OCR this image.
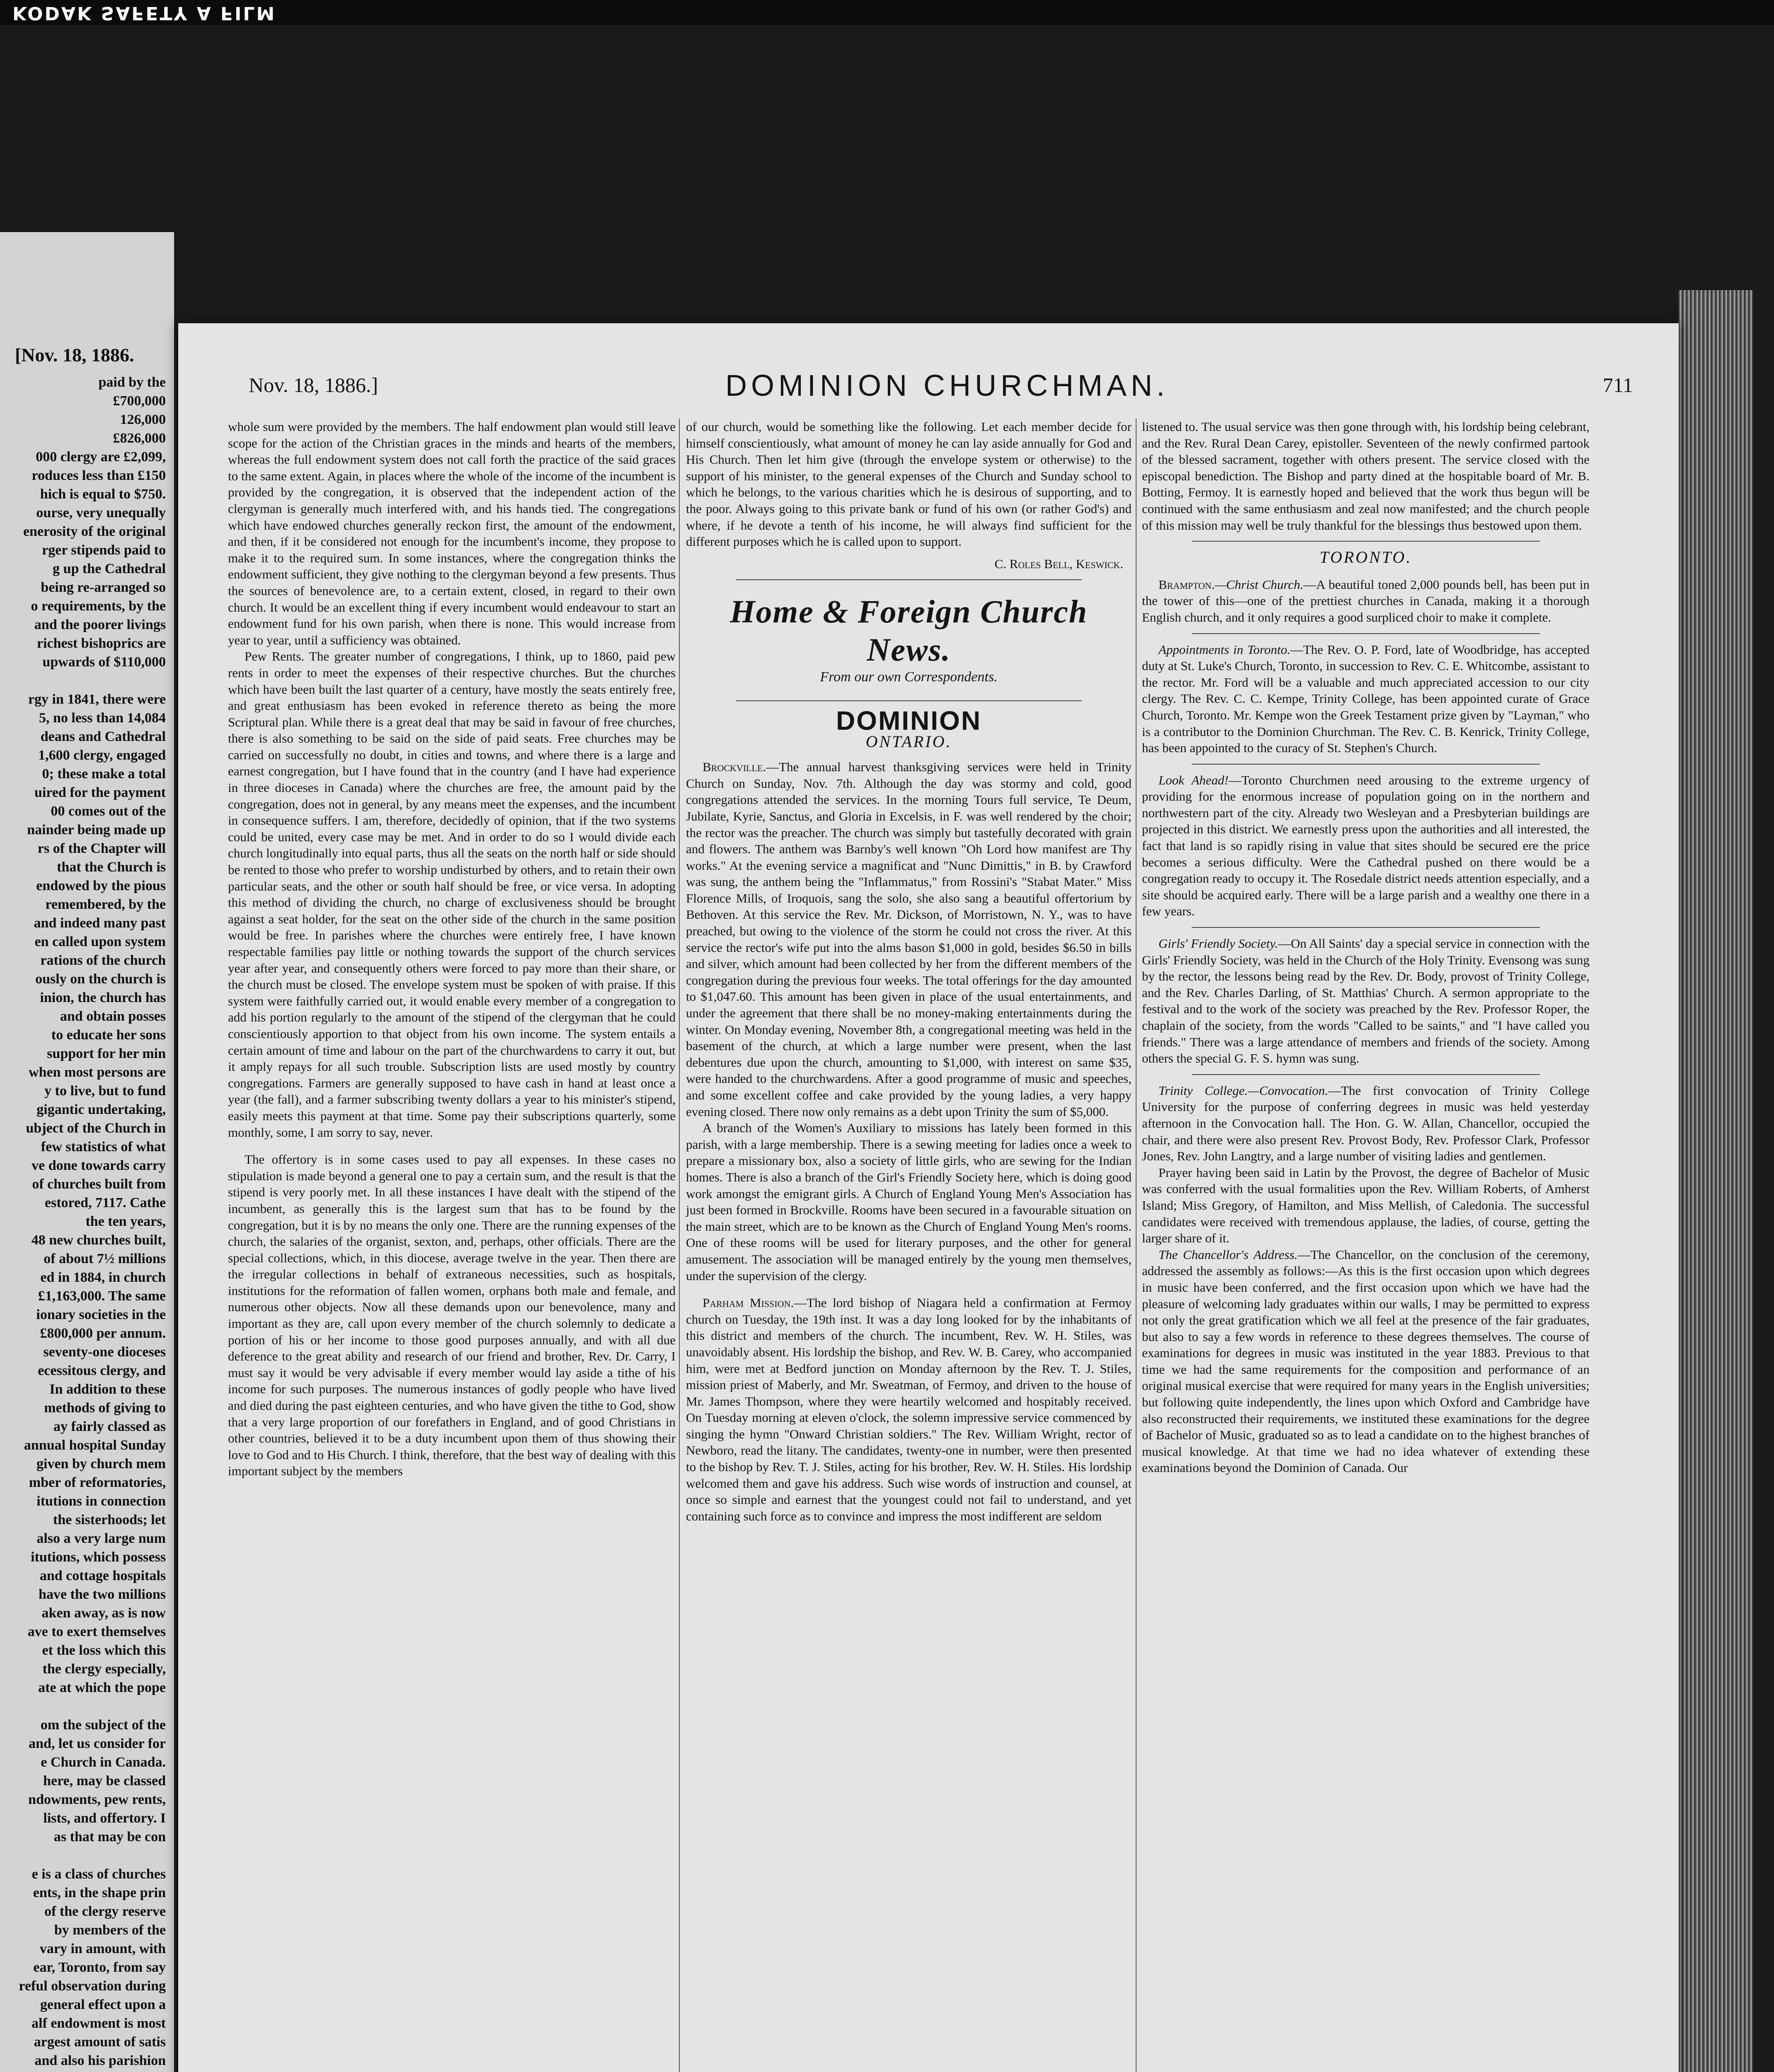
KODAK SAFETY A FILM
[Nov. 18, 1886.
paid by the
£700,000
126,000
£826,000
000 clergy are £2,099,
roduces less than £150
hich is equal to $750.
ourse, very unequally
enerosity of the original
rger stipends paid to
g up the Cathedral
being re-arranged so
o requirements, by the
and the poorer livings
richest bishoprics are
upwards of $110,000

rgy in 1841, there were
5, no less than 14,084
deans and Cathedral
1,600 clergy, engaged
0; these make a total
uired for the payment
00 comes out of the
nainder being made up
rs of the Chapter will
that the Church is
endowed by the pious
remembered, by the
and indeed many past
en called upon system
rations of the church
ously on the church is
inion, the church has
and obtain posses
to educate her sons
support for her min
when most persons are
y to live, but to fund
gigantic undertaking,
ubject of the Church in
few statistics of what
ve done towards carry
of churches built from
estored, 7117. Cathe
the ten years,
48 new churches built,
of about 7½ millions
ed in 1884, in church
£1,163,000. The same
ionary societies in the
£800,000 per annum.
seventy-one dioceses
ecessitous clergy, and
In addition to these
methods of giving to
ay fairly classed as
annual hospital Sunday
given by church mem
mber of reformatories,
itutions in connection
the sisterhoods; let
also a very large num
itutions, which possess
and cottage hospitals
have the two millions
aken away, as is now
ave to exert themselves
et the loss which this
the clergy especially,
ate at which the pope

om the subject of the
and, let us consider for
e Church in Canada.
here, may be classed
ndowments, pew rents,
lists, and offertory. I
as that may be con

e is a class of churches
ents, in the shape prin
of the clergy reserve
by members of the
vary in amount, with
ear, Toronto, from say
reful observation during
general effect upon a
alf endowment is most
argest amount of satis
and also his parishion
Nov. 18, 1886.]	DOMINION CHURCHMAN.	711

whole sum were provided by the members. The half endowment plan would still leave scope for the action of the Christian graces in the minds and hearts of the members, whereas the full endowment system does not call forth the practice of the said graces to the same extent. Again, in places where the whole of the income of the incumbent is provided by the congregation, it is observed that the independent action of the clergyman is generally much interfered with, and his hands tied. The congregations which have endowed churches generally reckon first, the amount of the endowment, and then, if it be considered not enough for the incumbent's income, they propose to make it to the required sum. In some instances, where the congregation thinks the endowment sufficient, they give nothing to the clergyman beyond a few presents. Thus the sources of benevolence are, to a certain extent, closed, in regard to their own church. It would be an excellent thing if every incumbent would endeavour to start an endowment fund for his own parish, when there is none. This would increase from year to year, until a sufficiency was obtained.

Pew Rents. The greater number of congregations, I think, up to 1860, paid pew rents in order to meet the expenses of their respective churches. But the churches which have been built the last quarter of a century, have mostly the seats entirely free, and great enthusiasm has been evoked in reference thereto as being the more Scriptural plan. While there is a great deal that may be said in favour of free churches, there is also something to be said on the side of paid seats. Free churches may be carried on successfully no doubt, in cities and towns, and where there is a large and earnest congregation, but I have found that in the country (and I have had experience in three dioceses in Canada) where the churches are free, the amount paid by the congregation, does not in general, by any means meet the expenses, and the incumbent in consequence suffers. I am, therefore, decidedly of opinion, that if the two systems could be united, every case may be met. And in order to do so I would divide each church longitudinally into equal parts, thus all the seats on the north half or side should be rented to those who prefer to worship undisturbed by others, and to retain their own particular seats, and the other or south half should be free, or vice versa. In adopting this method of dividing the church, no charge of exclusiveness should be brought against a seat holder, for the seat on the other side of the church in the same position would be free. In parishes where the churches were entirely free, I have known respectable families pay little or nothing towards the support of the church services year after year, and consequently others were forced to pay more than their share, or the church must be closed. The envelope system must be spoken of with praise. If this system were faithfully carried out, it would enable every member of a congregation to add his portion regularly to the amount of the stipend of the clergyman that he could conscientiously apportion to that object from his own income. The system entails a certain amount of time and labour on the part of the churchwardens to carry it out, but it amply repays for all such trouble. Subscription lists are used mostly by country congregations. Farmers are generally supposed to have cash in hand at least once a year (the fall), and a farmer subscribing twenty dollars a year to his minister's stipend, easily meets this payment at that time. Some pay their subscriptions quarterly, some monthly, some, I am sorry to say, never.

The offertory is in some cases used to pay all expenses. In these cases no stipulation is made beyond a general one to pay a certain sum, and the result is that the stipend is very poorly met. In all these instances I have dealt with the stipend of the incumbent, as generally this is the largest sum that has to be found by the congregation, but it is by no means the only one. There are the running expenses of the church, the salaries of the organist, sexton, and, perhaps, other officials. There are the special collections, which, in this diocese, average twelve in the year. Then there are the irregular collections in behalf of extraneous necessities, such as hospitals, institutions for the reformation of fallen women, orphans both male and female, and numerous other objects. Now all these demands upon our benevolence, many and important as they are, call upon every member of the church solemnly to dedicate a portion of his or her income to those good purposes annually, and with all due deference to the great ability and research of our friend and brother, Rev. Dr. Carry, I must say it would be very advisable if every member would lay aside a tithe of his income for such purposes. The numerous instances of godly people who have lived and died during the past eighteen centuries, and who have given the tithe to God, show that a very large proportion of our forefathers in England, and of good Christians in other countries, believed it to be a duty incumbent upon them of thus showing their love to God and to His Church. I think, therefore, that the best way of dealing with this important subject by the members

of our church, would be something like the following. Let each member decide for himself conscientiously, what amount of money he can lay aside annually for God and His Church. Then let him give (through the envelope system or otherwise) to the support of his minister, to the general expenses of the Church and Sunday school to which he belongs, to the various charities which he is desirous of supporting, and to the poor. Always going to this private bank or fund of his own (or rather God's) and where, if he devote a tenth of his income, he will always find sufficient for the different purposes which he is called upon to support.

C. Roles Bell, Keswick.
Home & Foreign Church News.
From our own Correspondents.
DOMINION
ONTARIO.

Brockville.—The annual harvest thanksgiving services were held in Trinity Church on Sunday, Nov. 7th. Although the day was stormy and cold, good congregations attended the services. In the morning Tours full service, Te Deum, Jubilate, Kyrie, Sanctus, and Gloria in Excelsis, in F. was well rendered by the choir; the rector was the preacher. The church was simply but tastefully decorated with grain and flowers. The anthem was Barnby's well known "Oh Lord how manifest are Thy works." At the evening service a magnificat and "Nunc Dimittis," in B. by Crawford was sung, the anthem being the "Inflammatus," from Rossini's "Stabat Mater." Miss Florence Mills, of Iroquois, sang the solo, she also sang a beautiful offertorium by Bethoven. At this service the Rev. Mr. Dickson, of Morristown, N. Y., was to have preached, but owing to the violence of the storm he could not cross the river. At this service the rector's wife put into the alms bason $1,000 in gold, besides $6.50 in bills and silver, which amount had been collected by her from the different members of the congregation during the previous four weeks. The total offerings for the day amounted to $1,047.60. This amount has been given in place of the usual entertainments, and under the agreement that there shall be no money-making entertainments during the winter. On Monday evening, November 8th, a congregational meeting was held in the basement of the church, at which a large number were present, when the last debentures due upon the church, amounting to $1,000, with interest on same $35, were handed to the churchwardens. After a good programme of music and speeches, and some excellent coffee and cake provided by the young ladies, a very happy evening closed. There now only remains as a debt upon Trinity the sum of $5,000.

A branch of the Women's Auxiliary to missions has lately been formed in this parish, with a large membership. There is a sewing meeting for ladies once a week to prepare a missionary box, also a society of little girls, who are sewing for the Indian homes. There is also a branch of the Girl's Friendly Society here, which is doing good work amongst the emigrant girls. A Church of England Young Men's Association has just been formed in Brockville. Rooms have been secured in a favourable situation on the main street, which are to be known as the Church of England Young Men's rooms. One of these rooms will be used for literary purposes, and the other for general amusement. The association will be managed entirely by the young men themselves, under the supervision of the clergy.

Parham Mission.—The lord bishop of Niagara held a confirmation at Fermoy church on Tuesday, the 19th inst. It was a day long looked for by the inhabitants of this district and members of the church. The incumbent, Rev. W. H. Stiles, was unavoidably absent. His lordship the bishop, and Rev. W. B. Carey, who accompanied him, were met at Bedford junction on Monday afternoon by the Rev. T. J. Stiles, mission priest of Maberly, and Mr. Sweatman, of Fermoy, and driven to the house of Mr. James Thompson, where they were heartily welcomed and hospitably received. On Tuesday morning at eleven o'clock, the solemn impressive service commenced by singing the hymn "Onward Christian soldiers." The Rev. William Wright, rector of Newboro, read the litany. The candidates, twenty-one in number, were then presented to the bishop by Rev. T. J. Stiles, acting for his brother, Rev. W. H. Stiles. His lordship welcomed them and gave his address. Such wise words of instruction and counsel, at once so simple and earnest that the youngest could not fail to understand, and yet containing such force as to convince and impress the most indifferent are seldom

listened to. The usual service was then gone through with, his lordship being celebrant, and the Rev. Rural Dean Carey, epistoller. Seventeen of the newly confirmed partook of the blessed sacrament, together with others present. The service closed with the episcopal benediction. The Bishop and party dined at the hospitable board of Mr. B. Botting, Fermoy. It is earnestly hoped and believed that the work thus begun will be continued with the same enthusiasm and zeal now manifested; and the church people of this mission may well be truly thankful for the blessings thus bestowed upon them.

TORONTO.

Brampton.—Christ Church.—A beautiful toned 2,000 pounds bell, has been put in the tower of this—one of the prettiest churches in Canada, making it a thorough English church, and it only requires a good surpliced choir to make it complete.

Appointments in Toronto.—The Rev. O. P. Ford, late of Woodbridge, has accepted duty at St. Luke's Church, Toronto, in succession to Rev. C. E. Whitcombe, assistant to the rector. Mr. Ford will be a valuable and much appreciated accession to our city clergy. The Rev. C. C. Kempe, Trinity College, has been appointed curate of Grace Church, Toronto. Mr. Kempe won the Greek Testament prize given by "Layman," who is a contributor to the Dominion Churchman. The Rev. C. B. Kenrick, Trinity College, has been appointed to the curacy of St. Stephen's Church.

Look Ahead!—Toronto Churchmen need arousing to the extreme urgency of providing for the enormous increase of population going on in the northern and northwestern part of the city. Already two Wesleyan and a Presbyterian buildings are projected in this district. We earnestly press upon the authorities and all interested, the fact that land is so rapidly rising in value that sites should be secured ere the price becomes a serious difficulty. Were the Cathedral pushed on there would be a congregation ready to occupy it. The Rosedale district needs attention especially, and a site should be acquired early. There will be a large parish and a wealthy one there in a few years.

Girls' Friendly Society.—On All Saints' day a special service in connection with the Girls' Friendly Society, was held in the Church of the Holy Trinity. Evensong was sung by the rector, the lessons being read by the Rev. Dr. Body, provost of Trinity College, and the Rev. Charles Darling, of St. Matthias' Church. A sermon appropriate to the festival and to the work of the society was preached by the Rev. Professor Roper, the chaplain of the society, from the words "Called to be saints," and "I have called you friends." There was a large attendance of members and friends of the society. Among others the special G. F. S. hymn was sung.

Trinity College.—Convocation.—The first convocation of Trinity College University for the purpose of conferring degrees in music was held yesterday afternoon in the Convocation hall. The Hon. G. W. Allan, Chancellor, occupied the chair, and there were also present Rev. Provost Body, Rev. Professor Clark, Professor Jones, Rev. John Langtry, and a large number of visiting ladies and gentlemen.

Prayer having been said in Latin by the Provost, the degree of Bachelor of Music was conferred with the usual formalities upon the Rev. William Roberts, of Amherst Island; Miss Gregory, of Hamilton, and Miss Mellish, of Caledonia. The successful candidates were received with tremendous applause, the ladies, of course, getting the larger share of it.

The Chancellor's Address.—The Chancellor, on the conclusion of the ceremony, addressed the assembly as follows:—As this is the first occasion upon which degrees in music have been conferred, and the first occasion upon which we have had the pleasure of welcoming lady graduates within our walls, I may be permitted to express not only the great gratification which we all feel at the presence of the fair graduates, but also to say a few words in reference to these degrees themselves. The course of examinations for degrees in music was instituted in the year 1883. Previous to that time we had the same requirements for the composition and performance of an original musical exercise that were required for many years in the English universities; but following quite independently, the lines upon which Oxford and Cambridge have also reconstructed their requirements, we instituted these examinations for the degree of Bachelor of Music, graduated so as to lead a candidate on to the highest branches of musical knowledge. At that time we had no idea whatever of extending these examinations beyond the Dominion of Canada. Our
